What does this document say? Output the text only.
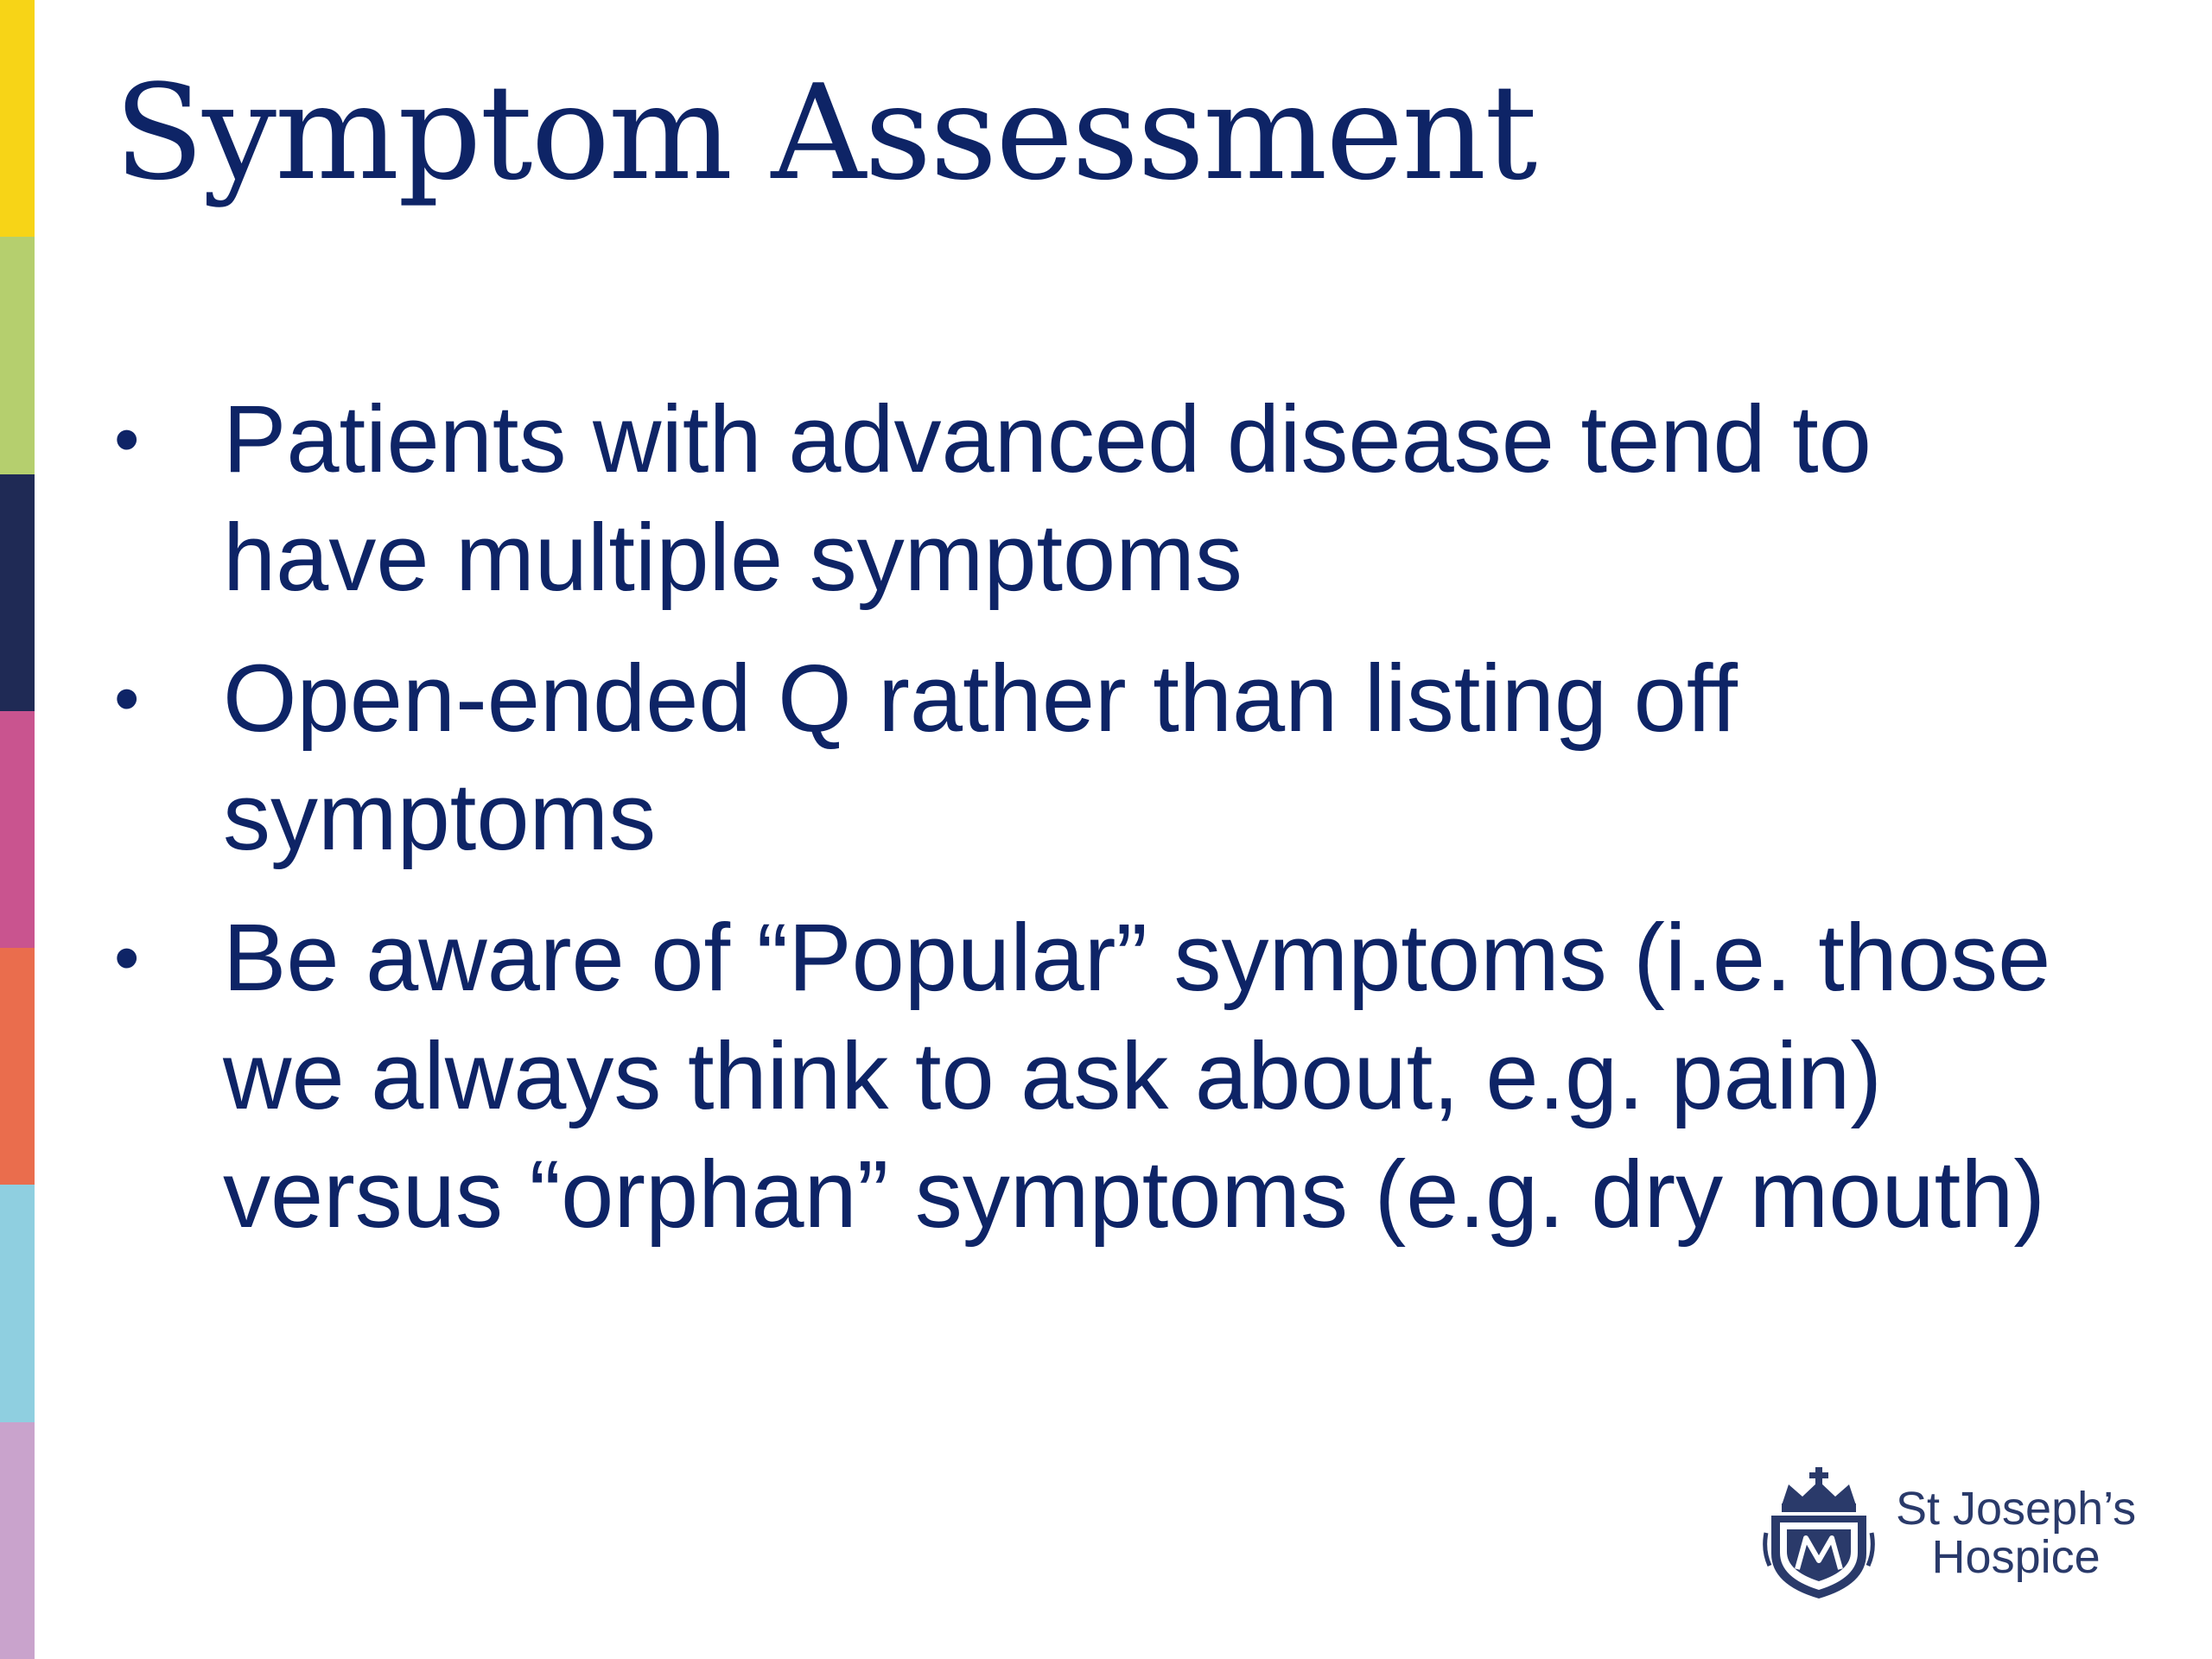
Symptom Assessment
• Patients with advanced disease tend to have multiple symptoms
• Open-ended Q rather than listing off symptoms
• Be aware of “Popular” symptoms (i.e. those we always think to ask about, e.g. pain) versus “orphan” symptoms (e.g. dry mouth)
St Joseph’s
Hospice
